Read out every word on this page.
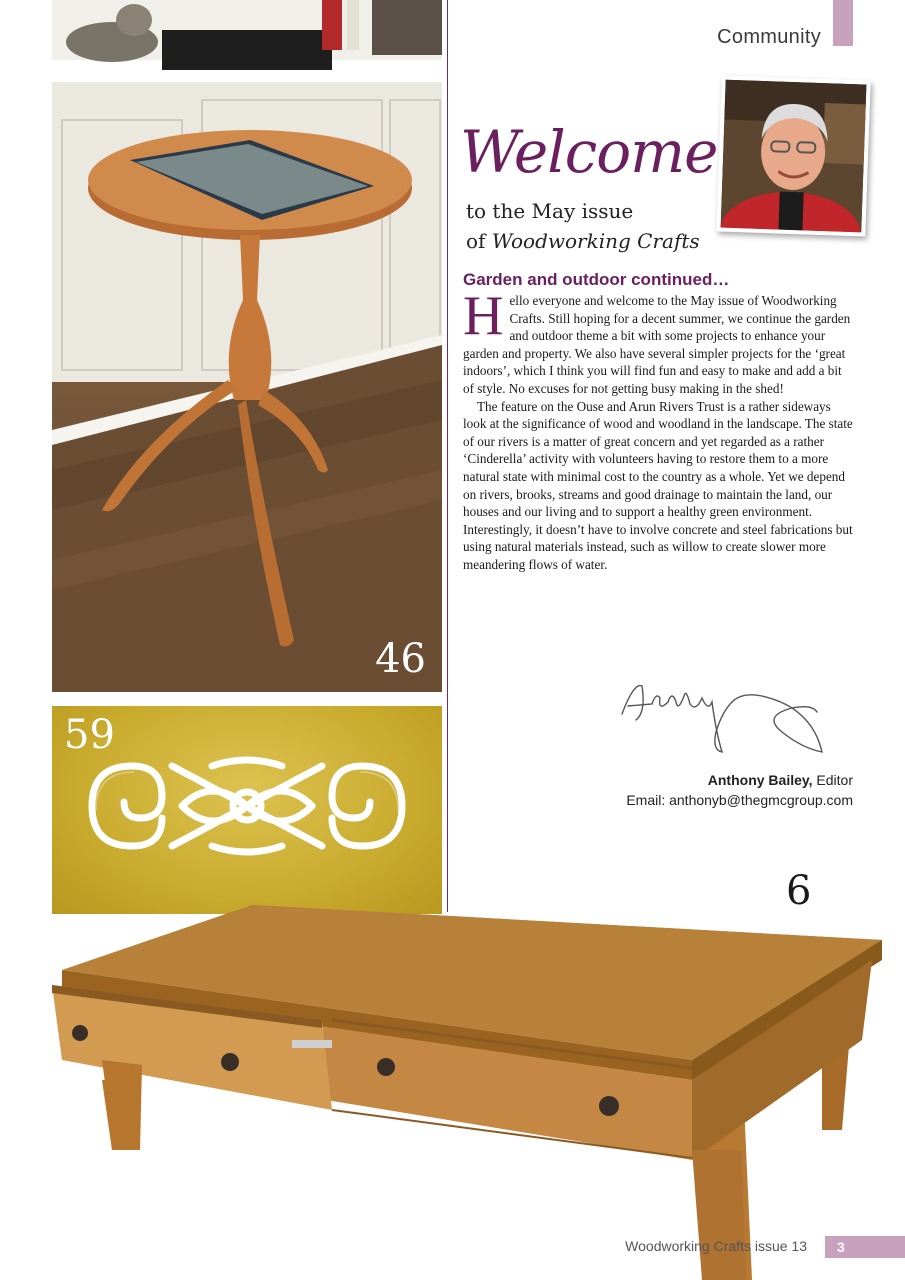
Community
46
59
6
Welcome
to the May issue
of Woodworking Crafts
Garden and outdoor continued…

Hello everyone and welcome to the May issue of Woodworking Crafts. Still hoping for a decent summer, we continue the garden and outdoor theme a bit with some projects to enhance your garden and property. We also have several simpler projects for the ‘great indoors’, which I think you will find fun and easy to make and add a bit of style. No excuses for not getting busy making in the shed!

The feature on the Ouse and Arun Rivers Trust is a rather sideways look at the significance of wood and woodland in the landscape. The state of our rivers is a matter of great concern and yet regarded as a rather ‘Cinderella’ activity with volunteers having to restore them to a more natural state with minimal cost to the country as a whole. Yet we depend on rivers, brooks, streams and good drainage to maintain the land, our houses and our living and to support a healthy green environment. Interestingly, it doesn’t have to involve concrete and steel fabrications but using natural materials instead, such as willow to create slower more meandering flows of water.

Anthony Bailey, Editor
Email: anthonyb@thegmcgroup.com
Woodworking Crafts issue 13	3
